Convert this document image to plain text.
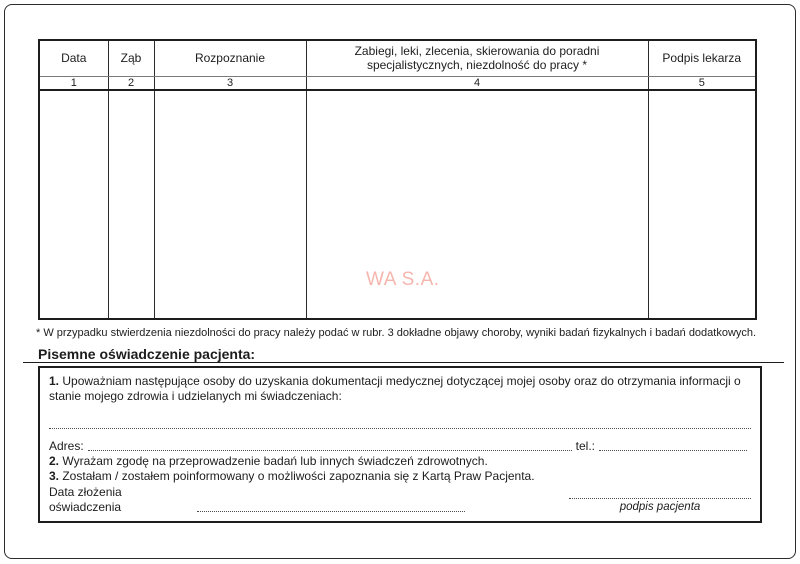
Data	Ząb	Rozpoznanie	Zabiegi, leki, zlecenia, skierowania do poradni specjalistycznych, niezdolność do pracy *	Podpis lekarza
1	2	3	4	5

WA S.A.
* W przypadku stwierdzenia niezdolności do pracy należy podać w rubr. 3 dokładne objawy choroby, wyniki badań fizykalnych i badań dodatkowych.
Pisemne oświadczenie pacjenta:

1. Upoważniam następujące osoby do uzyskania dokumentacji medycznej dotyczącej mojej osoby oraz do otrzymania informacji o stanie mojego zdrowia i udzielanych mi świadczeniach:

Adres:	tel.:

2. Wyrażam zgodę na przeprowadzenie badań lub innych świadczeń zdrowotnych.

3. Zostałam / zostałem poinformowany o możliwości zapoznania się z Kartą Praw Pacjenta.

Data złożenia oświadczenia	podpis pacjenta
